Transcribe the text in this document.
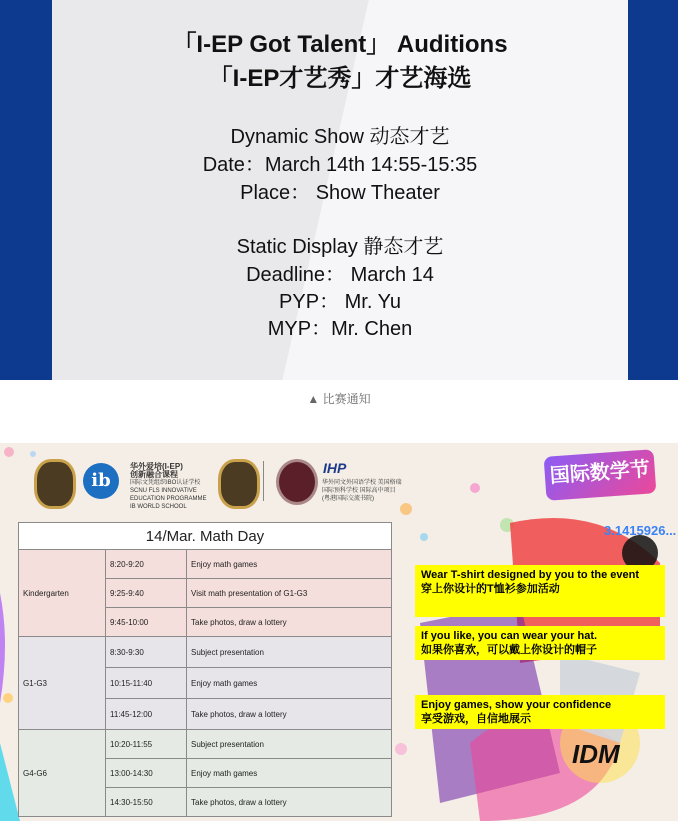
「I-EP Got Talent」 Auditions
「I-EP才艺秀」才艺海选
Dynamic Show 动态才艺
Date：March 14th 14:55-15:35
Place： Show Theater
Static Display 静态才艺
Deadline： March 14
PYP： Mr. Yu
MYP：Mr. Chen
▲ 比赛通知
ib
华外爱培(I-EP)
创新融合课程
国际文凭组织IBO认证学校
SCNU FLS INNOVATIVE EDUCATION PROGRAMME IB WORLD SCHOOL
IHP
华外同文外国语学校 美国格瑞国际预科学校 国际高中项目 (粤港国际交流书院)
国际数学节
3.1415926...
14/Mar. Math Day		
Kindergarten	8:20-9:20	Enjoy math games
	9:25-9:40	Visit math presentation of G1-G3
	9:45-10:00	Take photos, draw a lottery
G1-G3	8:30-9:30	Subject presentation
	10:15-11:40	Enjoy math games
	11:45-12:00	Take photos, draw a lottery
G4-G6	10:20-11:55	Subject presentation
	13:00-14:30	Enjoy math games
	14:30-15:50	Take photos, draw a lottery
Wear T-shirt designed by you to the event
穿上你设计的T恤衫参加活动
If you like, you can wear your hat.
如果你喜欢，可以戴上你设计的帽子
Enjoy games, show your confidence
享受游戏，自信地展示
IDM
